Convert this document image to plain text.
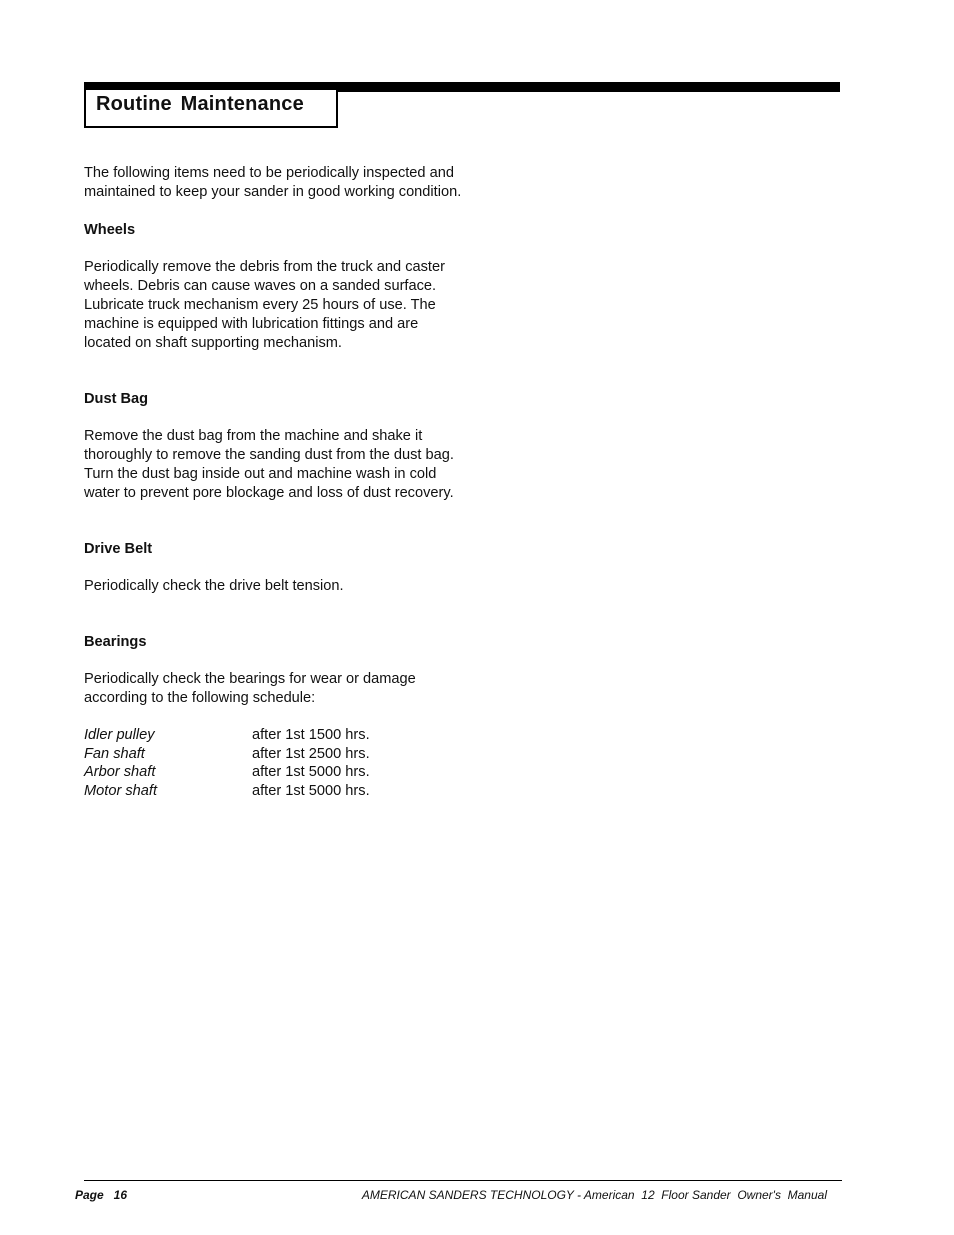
Routine Maintenance

The following items need to be periodically inspected and maintained to keep your sander in good working condition.

Wheels

Periodically remove the debris from the truck and caster wheels. Debris can cause waves on a sanded surface. Lubricate truck mechanism every 25 hours of use. The machine is equipped with lubrication fittings and are located on shaft supporting mechanism.

Dust Bag

Remove the dust bag from the machine and shake it thoroughly to remove the sanding dust from the dust bag. Turn the dust bag inside out and machine wash in cold water to prevent pore blockage and loss of dust recovery.

Drive Belt

Periodically check the drive belt tension.

Bearings

Periodically check the bearings for wear or damage according to the following schedule:

Idler pulley	after 1st 1500 hrs.
Fan shaft	after 1st 2500 hrs.
Arbor shaft	after 1st 5000 hrs.
Motor shaft	after 1st 5000 hrs.
Page   16	AMERICAN SANDERS TECHNOLOGY - American  12  Floor Sander  Owner's  Manual
